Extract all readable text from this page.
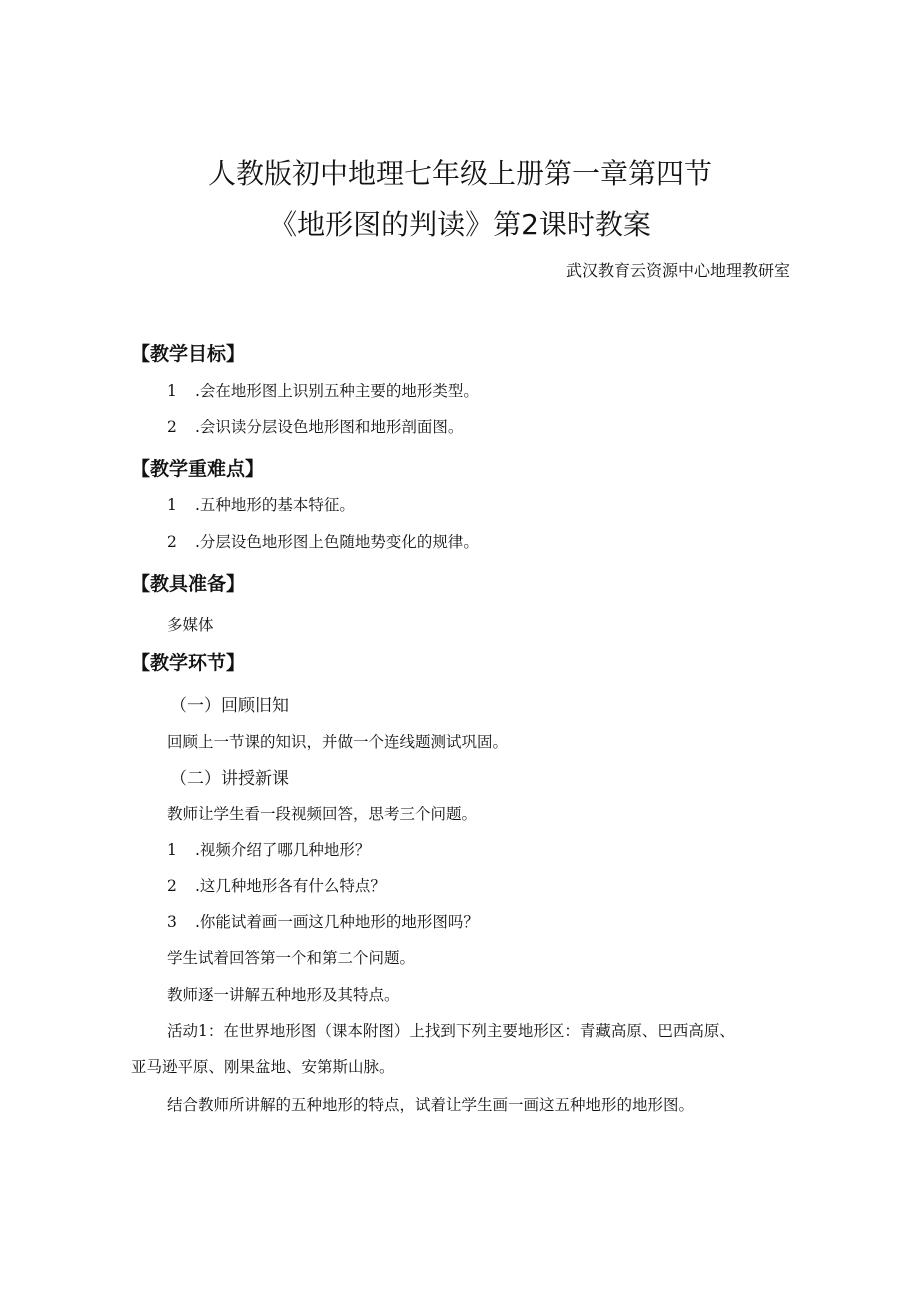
人教版初中地理七年级上册第一章第四节
《地形图的判读》第2课时教案
武汉教育云资源中心地理教研室
【教学目标】
1 .会在地形图上识别五种主要的地形类型。
2 .会识读分层设色地形图和地形剖面图。
【教学重难点】
1 .五种地形的基本特征。
2 .分层设色地形图上色随地势变化的规律。
【教具准备】
多媒体
【教学环节】
（一）回顾旧知
回顾上一节课的知识，并做一个连线题测试巩固。
（二）讲授新课
教师让学生看一段视频回答，思考三个问题。
1 .视频介绍了哪几种地形？
2 .这几种地形各有什么特点？
3 .你能试着画一画这几种地形的地形图吗？
学生试着回答第一个和第二个问题。
教师逐一讲解五种地形及其特点。
活动1：在世界地形图（课本附图）上找到下列主要地形区：青藏高原、巴西高原、
亚马逊平原、刚果盆地、安第斯山脉。
结合教师所讲解的五种地形的特点，试着让学生画一画这五种地形的地形图。
